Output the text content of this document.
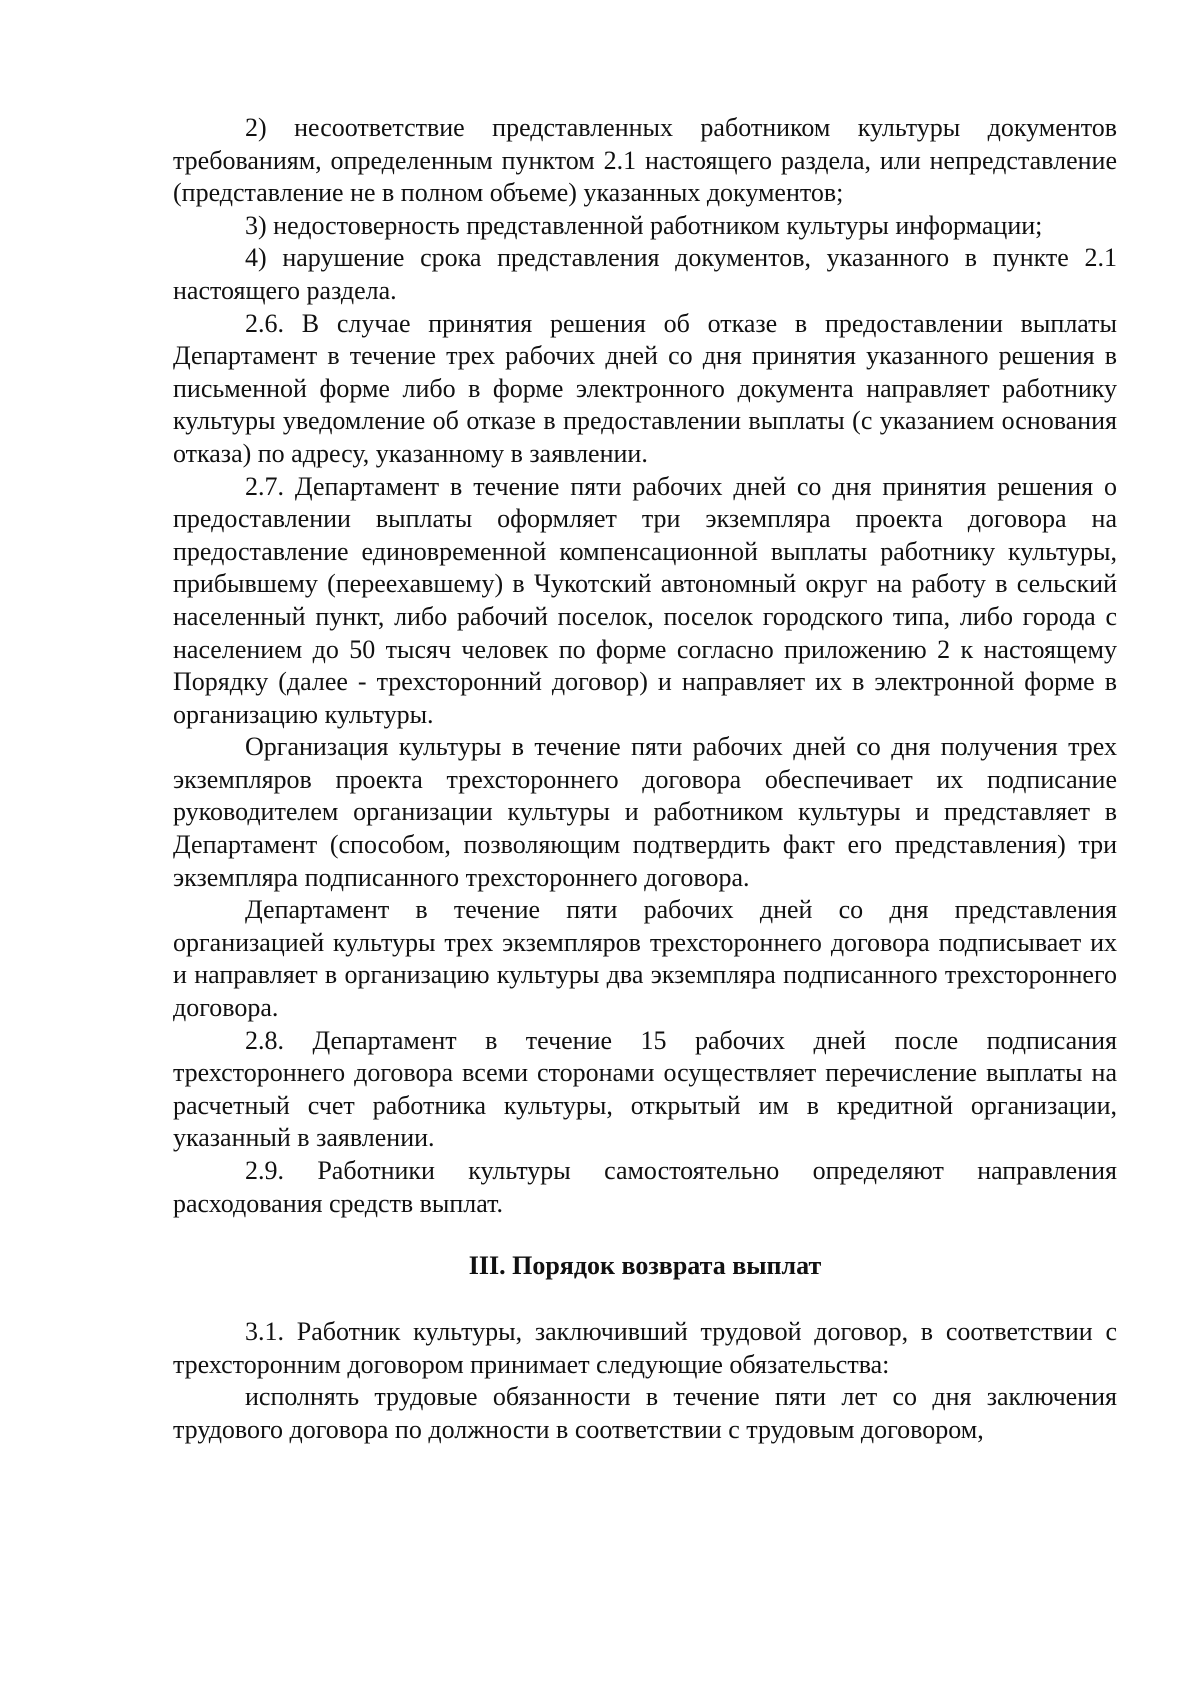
2) несоответствие представленных работником культуры документов требованиям, определенным пунктом 2.1 настоящего раздела, или непредставление (представление не в полном объеме) указанных документов;

3) недостоверность представленной работником культуры информации;

4) нарушение срока представления документов, указанного в пункте 2.1 настоящего раздела.

2.6. В случае принятия решения об отказе в предоставлении выплаты Департамент в течение трех рабочих дней со дня принятия указанного решения в письменной форме либо в форме электронного документа направляет работнику культуры уведомление об отказе в предоставлении выплаты (с указанием основания отказа) по адресу, указанному в заявлении.

2.7. Департамент в течение пяти рабочих дней со дня принятия решения о предоставлении выплаты оформляет три экземпляра проекта договора на предоставление единовременной компенсационной выплаты работнику культуры, прибывшему (переехавшему) в Чукотский автономный округ на работу в сельский населенный пункт, либо рабочий поселок, поселок городского типа, либо города с населением до 50 тысяч человек по форме согласно приложению 2 к настоящему Порядку (далее - трехсторонний договор) и направляет их в электронной форме в организацию культуры.

Организация культуры в течение пяти рабочих дней со дня получения трех экземпляров проекта трехстороннего договора обеспечивает их подписание руководителем организации культуры и работником культуры и представляет в Департамент (способом, позволяющим подтвердить факт его представления) три экземпляра подписанного трехстороннего договора.

Департамент в течение пяти рабочих дней со дня представления организацией культуры трех экземпляров трехстороннего договора подписывает их и направляет в организацию культуры два экземпляра подписанного трехстороннего договора.

2.8. Департамент в течение 15 рабочих дней после подписания трехстороннего договора всеми сторонами осуществляет перечисление выплаты на расчетный счет работника культуры, открытый им в кредитной организации, указанный в заявлении.

2.9. Работники культуры самостоятельно определяют направления расходования средств выплат.

III. Порядок возврата выплат

3.1. Работник культуры, заключивший трудовой договор, в соответствии с трехсторонним договором принимает следующие обязательства:

исполнять трудовые обязанности в течение пяти лет со дня заключения трудового договора по должности в соответствии с трудовым договором,
